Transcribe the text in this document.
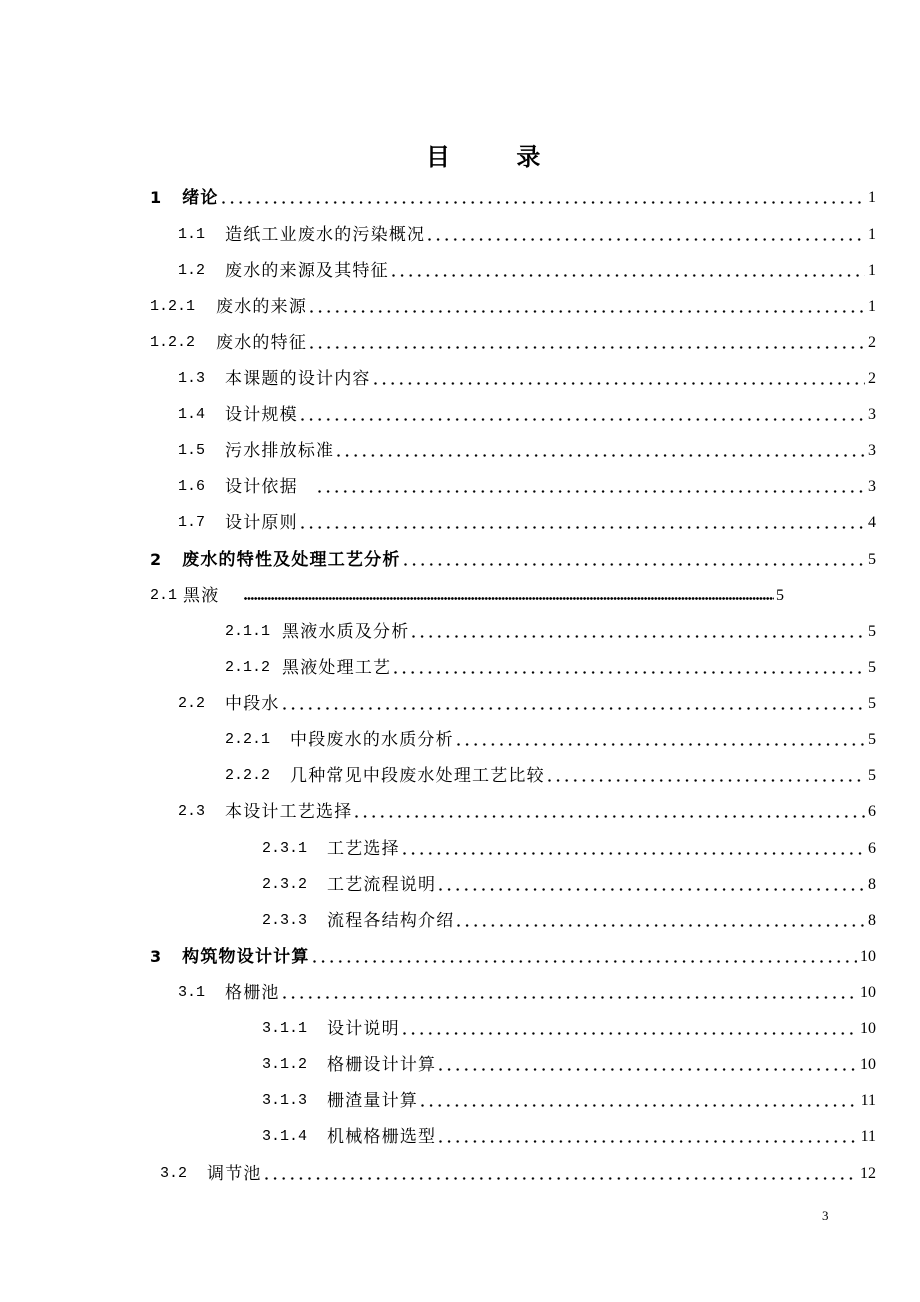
目 录
1 绪论	1
1.1 造纸工业废水的污染概况	1
1.2 废水的来源及其特征	1
1.2.1 废水的来源	1
1.2.2 废水的特征	2
1.3 本课题的设计内容	2
1.4 设计规模	3
1.5 污水排放标准	3
1.6 设计依据	3
1.7 设计原则	4
2 废水的特性及处理工艺分析	5
2.1 黑液	5
2.1.1 黑液水质及分析	5
2.1.2 黑液处理工艺	5
2.2 中段水	5
2.2.1 中段废水的水质分析	5
2.2.2 几种常见中段废水处理工艺比较	5
2.3 本设计工艺选择	6
2.3.1 工艺选择	6
2.3.2 工艺流程说明	8
2.3.3 流程各结构介绍	8
3 构筑物设计计算	10
3.1 格栅池	10
3.1.1 设计说明	10
3.1.2 格栅设计计算	10
3.1.3 栅渣量计算	11
3.1.4 机械格栅选型	11
3.2 调节池	12
3
